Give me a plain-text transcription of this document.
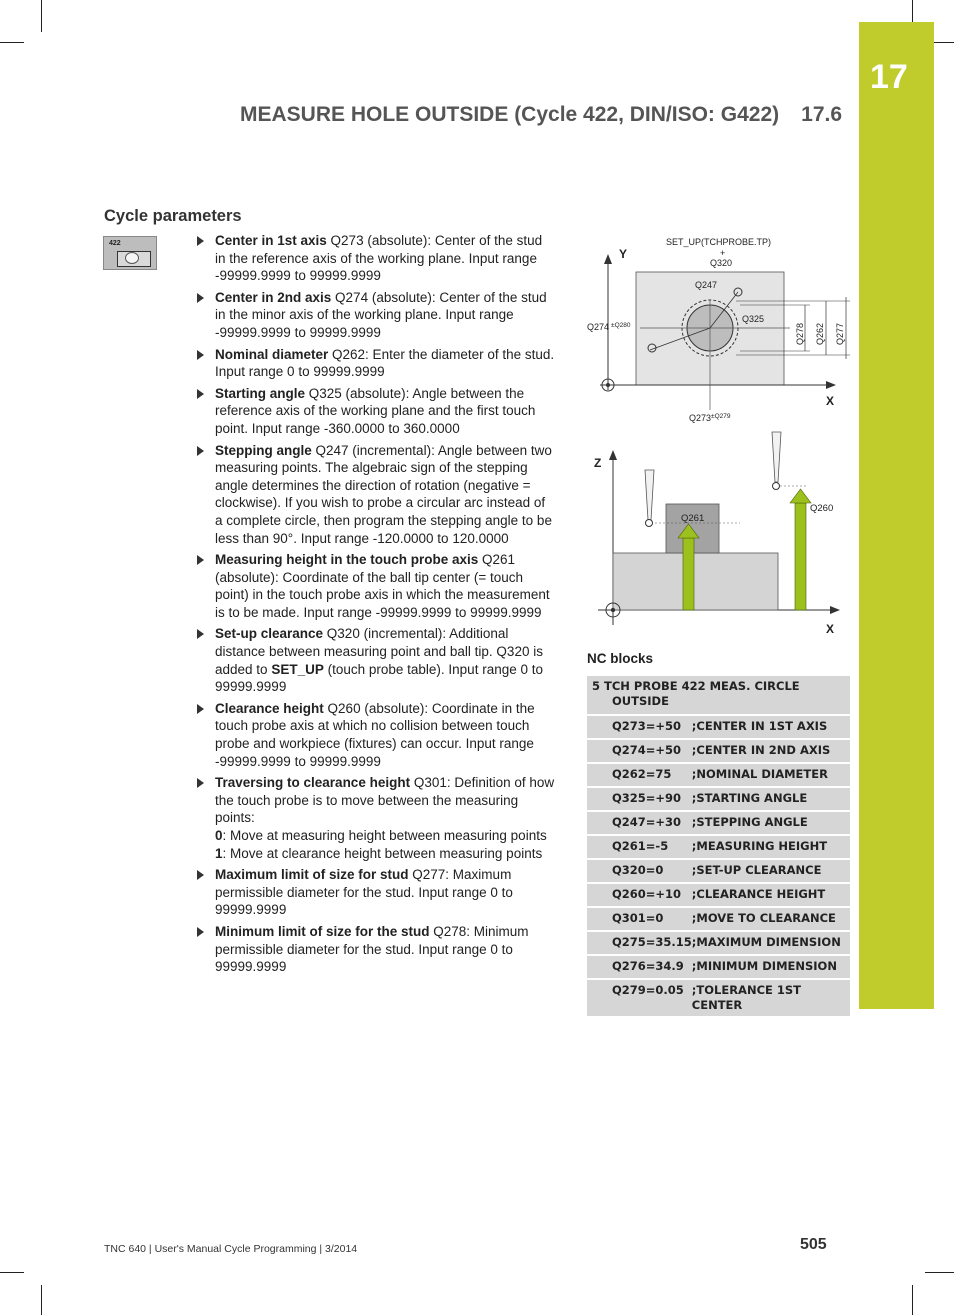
17
MEASURE HOLE OUTSIDE (Cycle 422, DIN/ISO: G422) 17.6
Cycle parameters
422	Center in 1st axis Q273 (absolute): Center of the stud in the reference axis of the working plane. Input range -99999.9999 to 99999.9999
Center in 2nd axis Q274 (absolute): Center of the stud in the minor axis of the working plane. Input range -99999.9999 to 99999.9999
Nominal diameter Q262: Enter the diameter of the stud. Input range 0 to 99999.9999
Starting angle Q325 (absolute): Angle between the reference axis of the working plane and the first touch point. Input range -360.0000 to 360.0000
Stepping angle Q247 (incremental): Angle between two measuring points. The algebraic sign of the stepping angle determines the direction of rotation (negative = clockwise). If you wish to probe a circular arc instead of a complete circle, then program the stepping angle to be less than 90°. Input range -120.0000 to 120.0000
Measuring height in the touch probe axis Q261 (absolute): Coordinate of the ball tip center (= touch point) in the touch probe axis in which the measurement is to be made. Input range -99999.9999 to 99999.9999
Set-up clearance Q320 (incremental): Additional distance between measuring point and ball tip. Q320 is added to SET_UP (touch probe table). Input range 0 to 99999.9999
Clearance height Q260 (absolute): Coordinate in the touch probe axis at which no collision between touch probe and workpiece (fixtures) can occur. Input range -99999.9999 to 99999.9999
Traversing to clearance height Q301: Definition of how the touch probe is to move between the measuring points:
0: Move at measuring height between measuring points
1: Move at clearance height between measuring points
Maximum limit of size for stud Q277: Maximum permissible diameter for the stud. Input range 0 to 99999.9999
Minimum limit of size for the stud Q278: Minimum permissible diameter for the stud. Input range 0 to 99999.9999
Y
X
SET_UP(TCHPROBE.TP)
+
Q320
Q247
Q325
Q274 ±Q280
Q273 ±Q279
Q278 Q262 Q277
Z
X
Q261
Q260
NC blocks
5 TCH PROBE 422 MEAS. CIRCLE
OUTSIDE	
Q273=+50	;CENTER IN 1ST AXIS
Q274=+50	;CENTER IN 2ND AXIS
Q262=75	;NOMINAL DIAMETER
Q325=+90	;STARTING ANGLE
Q247=+30	;STEPPING ANGLE
Q261=-5	;MEASURING HEIGHT
Q320=0	;SET-UP CLEARANCE
Q260=+10	;CLEARANCE HEIGHT
Q301=0	;MOVE TO CLEARANCE
Q275=35.15	;MAXIMUM DIMENSION
Q276=34.9	;MINIMUM DIMENSION
Q279=0.05	;TOLERANCE 1ST CENTER
TNC 640 | User's Manual Cycle Programming | 3/2014	505
